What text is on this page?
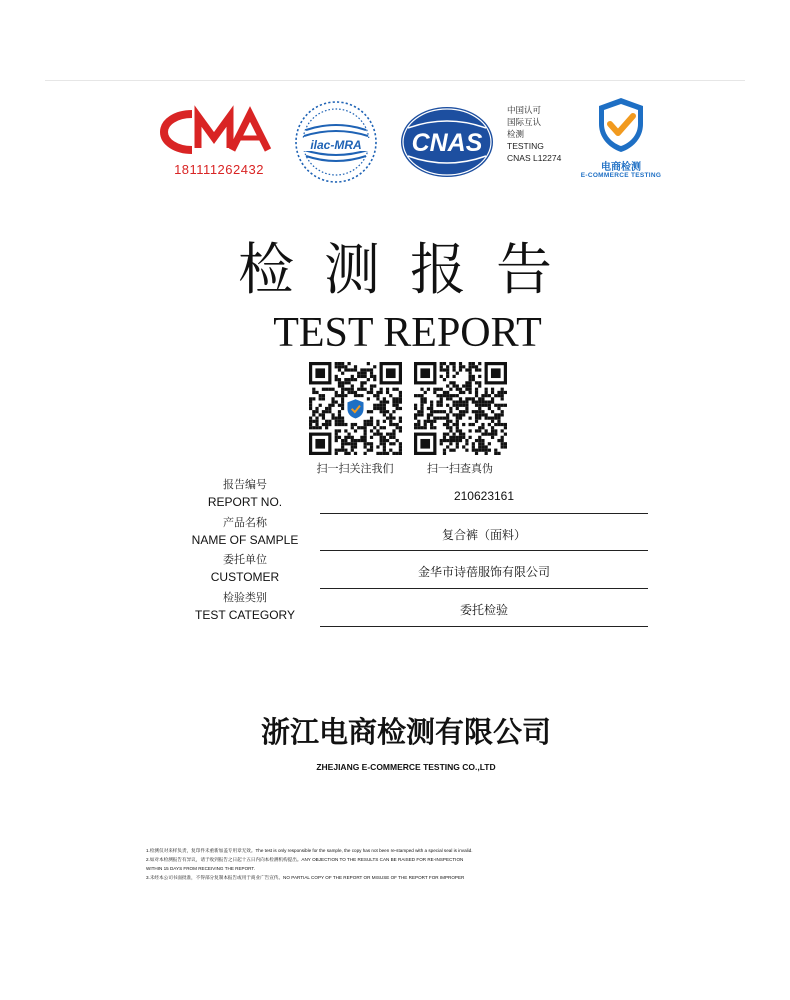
181111262432
ilac-MRA CNAS
中国认可
国际互认
检测
TESTING
CNAS L12274
电商检测
E-COMMERCE TESTING
检测报告
TEST REPORT
扫一扫关注我们	扫一扫查真伪
报告编号
REPORT NO.	210623161
产品名称
NAME OF SAMPLE	复合裤（面料）
委托单位
CUSTOMER	金华市诗蓓服饰有限公司
检验类别
TEST CATEGORY	委托检验
浙江电商检测有限公司
ZHEJIANG E-COMMERCE TESTING CO.,LTD
1.检测仅对来样负责，复印件未重新加盖专用章无效。The test is only responsible for the sample, the copy has not been re-stamped with a special seal is invalid.
2.如对本检测报告有异议，请于收到报告之日起十五日内向本检测机构提出。ANY OBJECTION TO THE RESULTS CAN BE RAISED FOR RE-INSPECTION
WITHIN 15 DAYS FROM RECEIVING THE REPORT.
3.未经本公司书面批准，不得部分复制本报告或用于商业广告宣传。NO PARTIAL COPY OF THE REPORT OR MISUSE OF THE REPORT FOR IMPROPER
